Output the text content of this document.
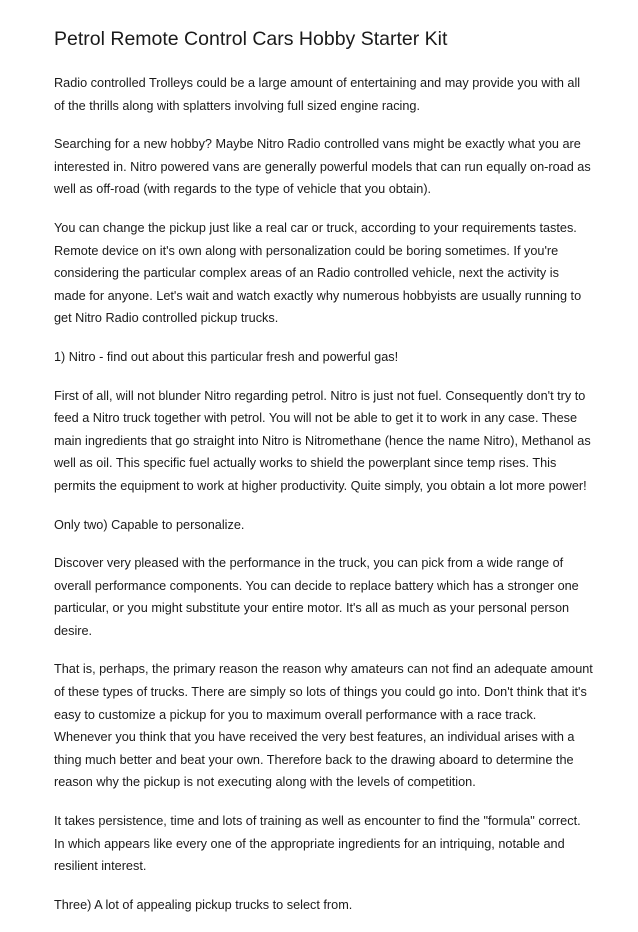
Petrol Remote Control Cars Hobby Starter Kit

Radio controlled Trolleys could be a large amount of entertaining and may provide you with all of the thrills along with splatters involving full sized engine racing.

Searching for a new hobby? Maybe Nitro Radio controlled vans might be exactly what you are interested in. Nitro powered vans are generally powerful models that can run equally on-road as well as off-road (with regards to the type of vehicle that you obtain).

You can change the pickup just like a real car or truck, according to your requirements tastes. Remote device on it's own along with personalization could be boring sometimes. If you're considering the particular complex areas of an Radio controlled vehicle, next the activity is made for anyone. Let's wait and watch exactly why numerous hobbyists are usually running to get Nitro Radio controlled pickup trucks.

1) Nitro - find out about this particular fresh and powerful gas!

First of all, will not blunder Nitro regarding petrol. Nitro is just not fuel. Consequently don't try to feed a Nitro truck together with petrol. You will not be able to get it to work in any case. These main ingredients that go straight into Nitro is Nitromethane (hence the name Nitro), Methanol as well as oil. This specific fuel actually works to shield the powerplant since temp rises. This permits the equipment to work at higher productivity. Quite simply, you obtain a lot more power!

Only two) Capable to personalize.

Discover very pleased with the performance in the truck, you can pick from a wide range of overall performance components. You can decide to replace battery which has a stronger one particular, or you might substitute your entire motor. It's all as much as your personal person desire.

That is, perhaps, the primary reason the reason why amateurs can not find an adequate amount of these types of trucks. There are simply so lots of things you could go into. Don't think that it's easy to customize a pickup for you to maximum overall performance with a race track. Whenever you think that you have received the very best features, an individual arises with a thing much better and beat your own. Therefore back to the drawing aboard to determine the reason why the pickup is not executing along with the levels of competition.

It takes persistence, time and lots of training as well as encounter to find the "formula" correct. In which appears like every one of the appropriate ingredients for an intriquing, notable and resilient interest.

Three) A lot of appealing pickup trucks to select from.
